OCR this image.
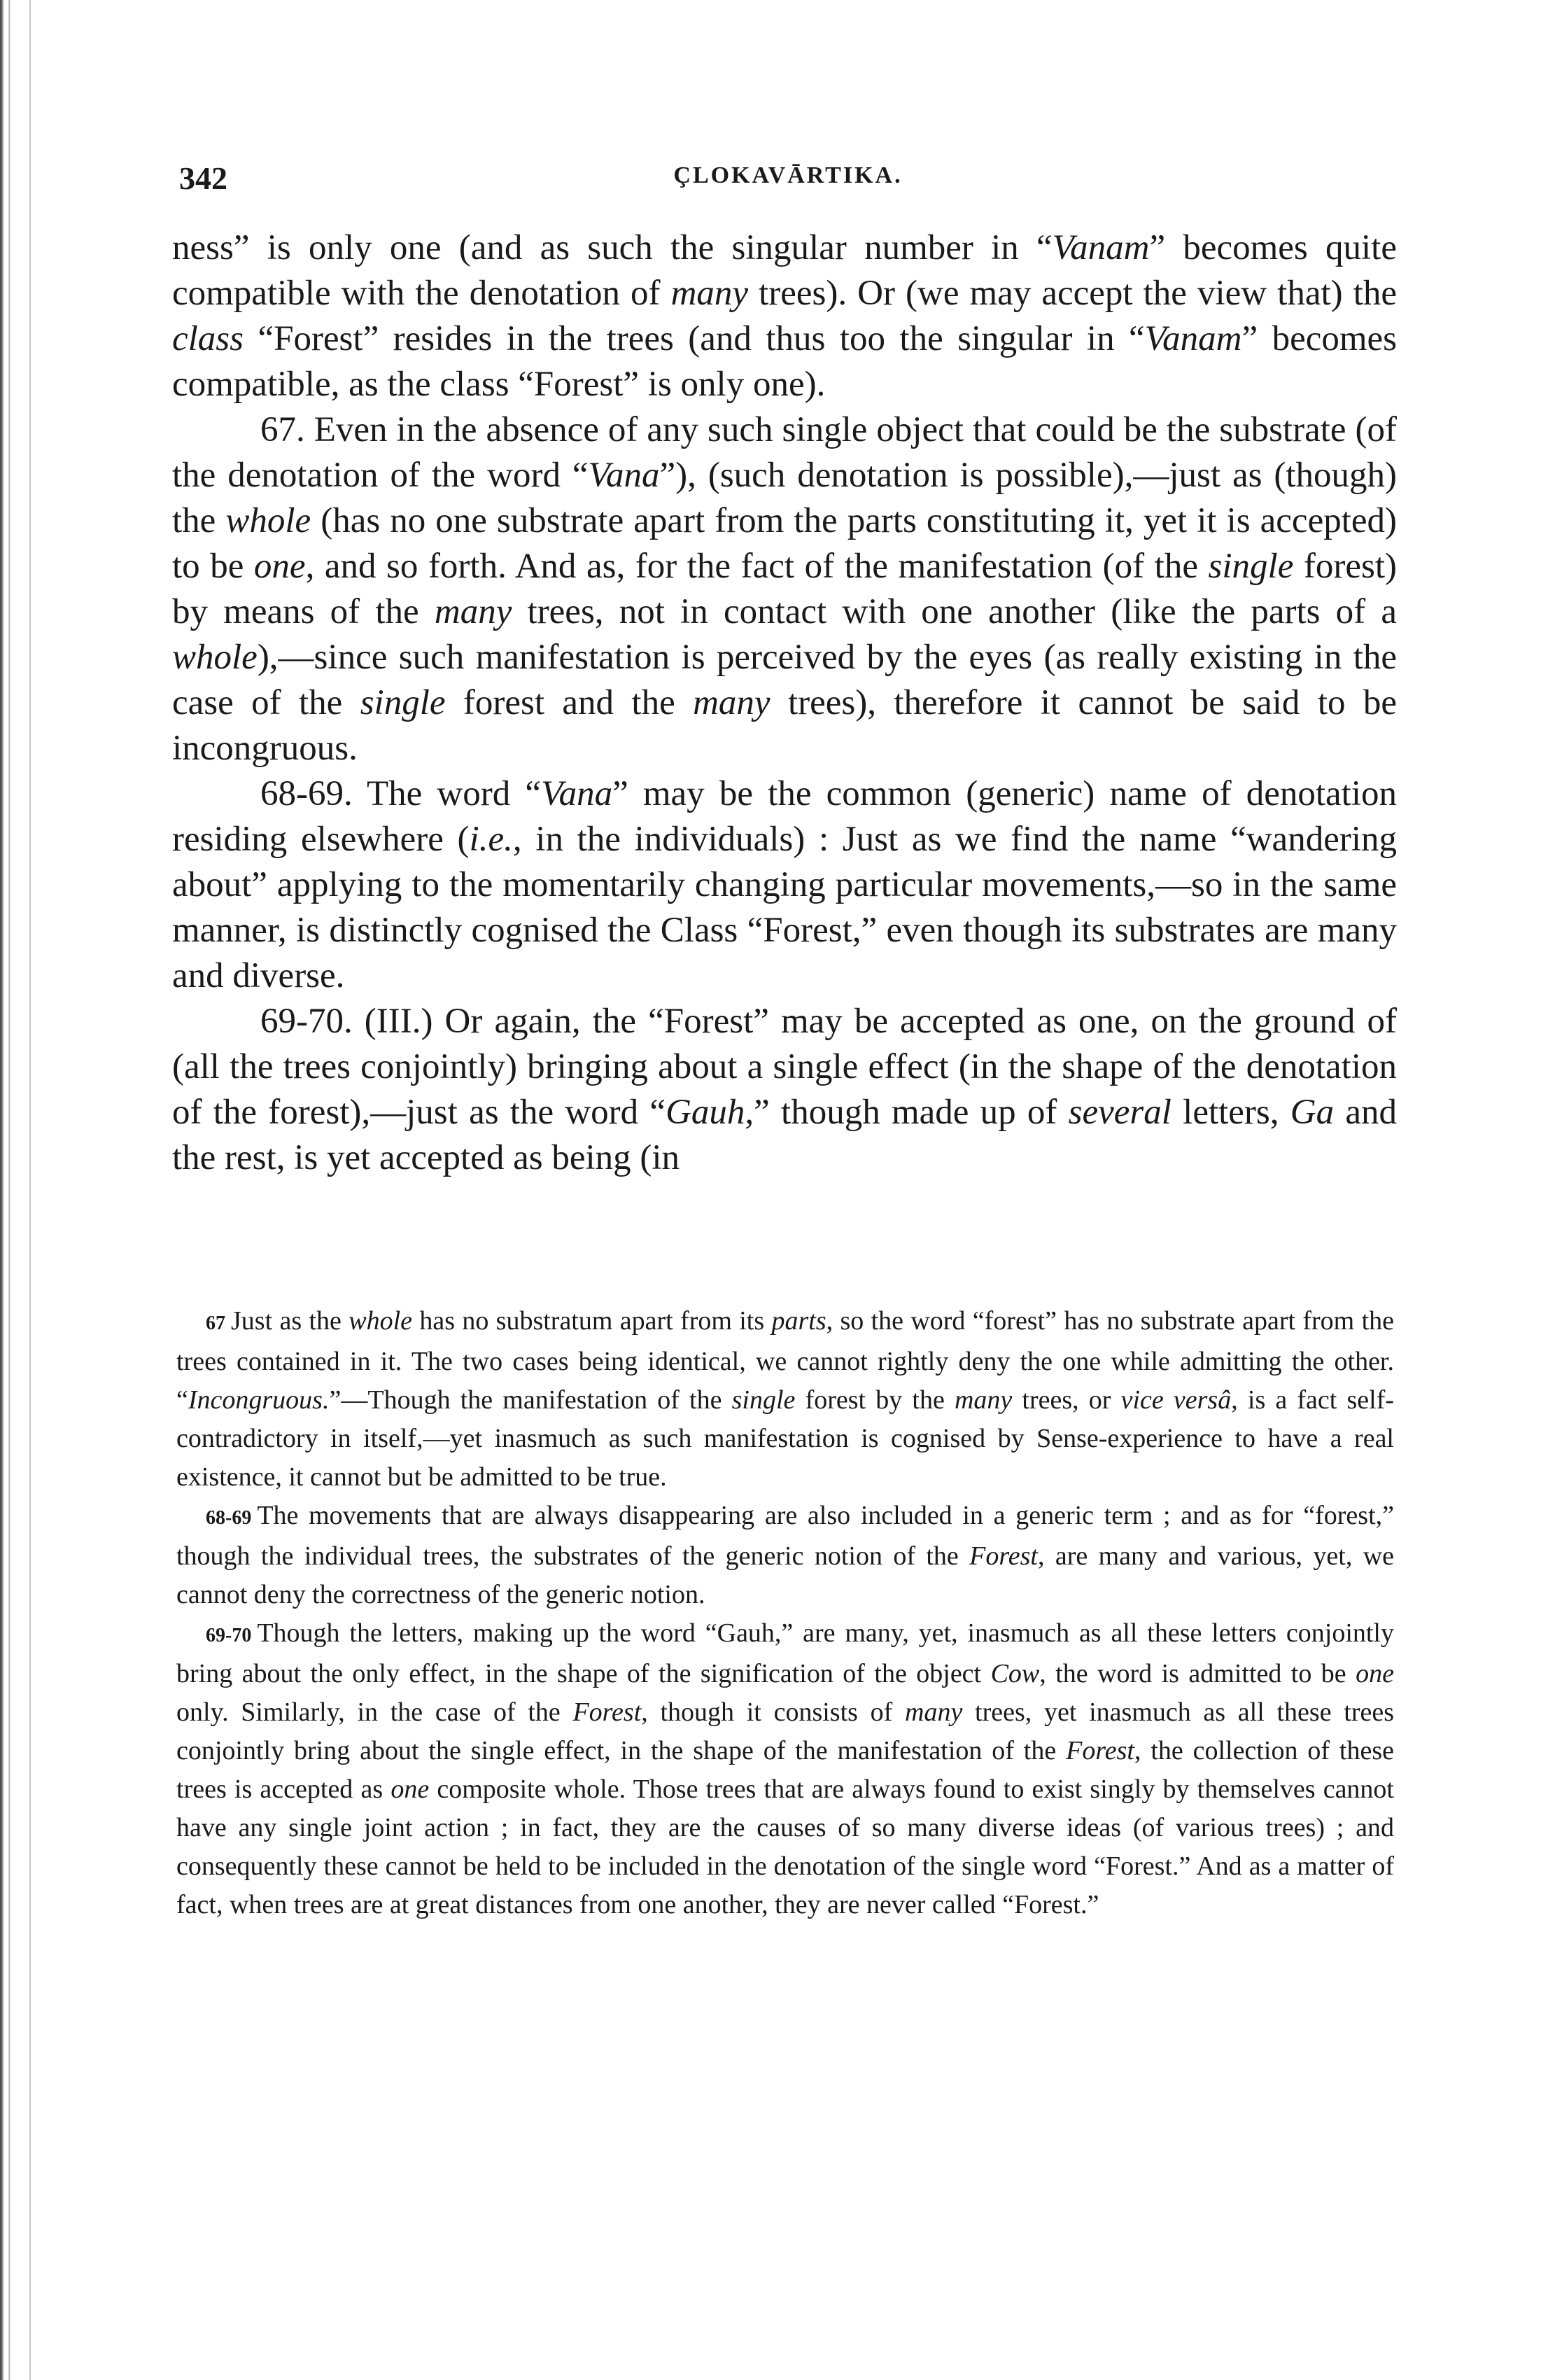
342	ÇLOKAVĀRTIKA.

ness” is only one (and as such the singular number in “Vanam” becomes quite compatible with the denotation of many trees). Or (we may accept the view that) the class “Forest” resides in the trees (and thus too the singular in “Vanam” becomes compatible, as the class “Forest” is only one).

67. Even in the absence of any such single object that could be the substrate (of the denotation of the word “Vana”), (such denotation is possible),—just as (though) the whole (has no one substrate apart from the parts constituting it, yet it is accepted) to be one, and so forth. And as, for the fact of the manifestation (of the single forest) by means of the many trees, not in contact with one another (like the parts of a whole),—since such manifestation is perceived by the eyes (as really existing in the case of the single forest and the many trees), therefore it cannot be said to be incongruous.

68-69. The word “Vana” may be the common (generic) name of denotation residing elsewhere (i.e., in the individuals) : Just as we find the name “wandering about” applying to the momentarily changing particular movements,—so in the same manner, is distinctly cognised the Class “Forest,” even though its substrates are many and diverse.

69-70. (III.) Or again, the “Forest” may be accepted as one, on the ground of (all the trees conjointly) bringing about a single effect (in the shape of the denotation of the forest),—just as the word “Gauh,” though made up of several letters, Ga and the rest, is yet accepted as being (in

67 Just as the whole has no substratum apart from its parts, so the word “forest” has no substrate apart from the trees contained in it. The two cases being identical, we cannot rightly deny the one while admitting the other. “Incongruous.”—Though the manifestation of the single forest by the many trees, or vice versâ, is a fact self-contradictory in itself,—yet inasmuch as such manifestation is cognised by Sense-experience to have a real existence, it cannot but be admitted to be true.

68-69 The movements that are always disappearing are also included in a generic term ; and as for “forest,” though the individual trees, the substrates of the generic notion of the Forest, are many and various, yet, we cannot deny the correctness of the generic notion.

69-70 Though the letters, making up the word “Gauh,” are many, yet, inasmuch as all these letters conjointly bring about the only effect, in the shape of the signification of the object Cow, the word is admitted to be one only. Similarly, in the case of the Forest, though it consists of many trees, yet inasmuch as all these trees conjointly bring about the single effect, in the shape of the manifestation of the Forest, the collection of these trees is accepted as one composite whole. Those trees that are always found to exist singly by themselves cannot have any single joint action ; in fact, they are the causes of so many diverse ideas (of various trees) ; and consequently these cannot be held to be included in the denotation of the single word “Forest.” And as a matter of fact, when trees are at great distances from one another, they are never called “Forest.”
